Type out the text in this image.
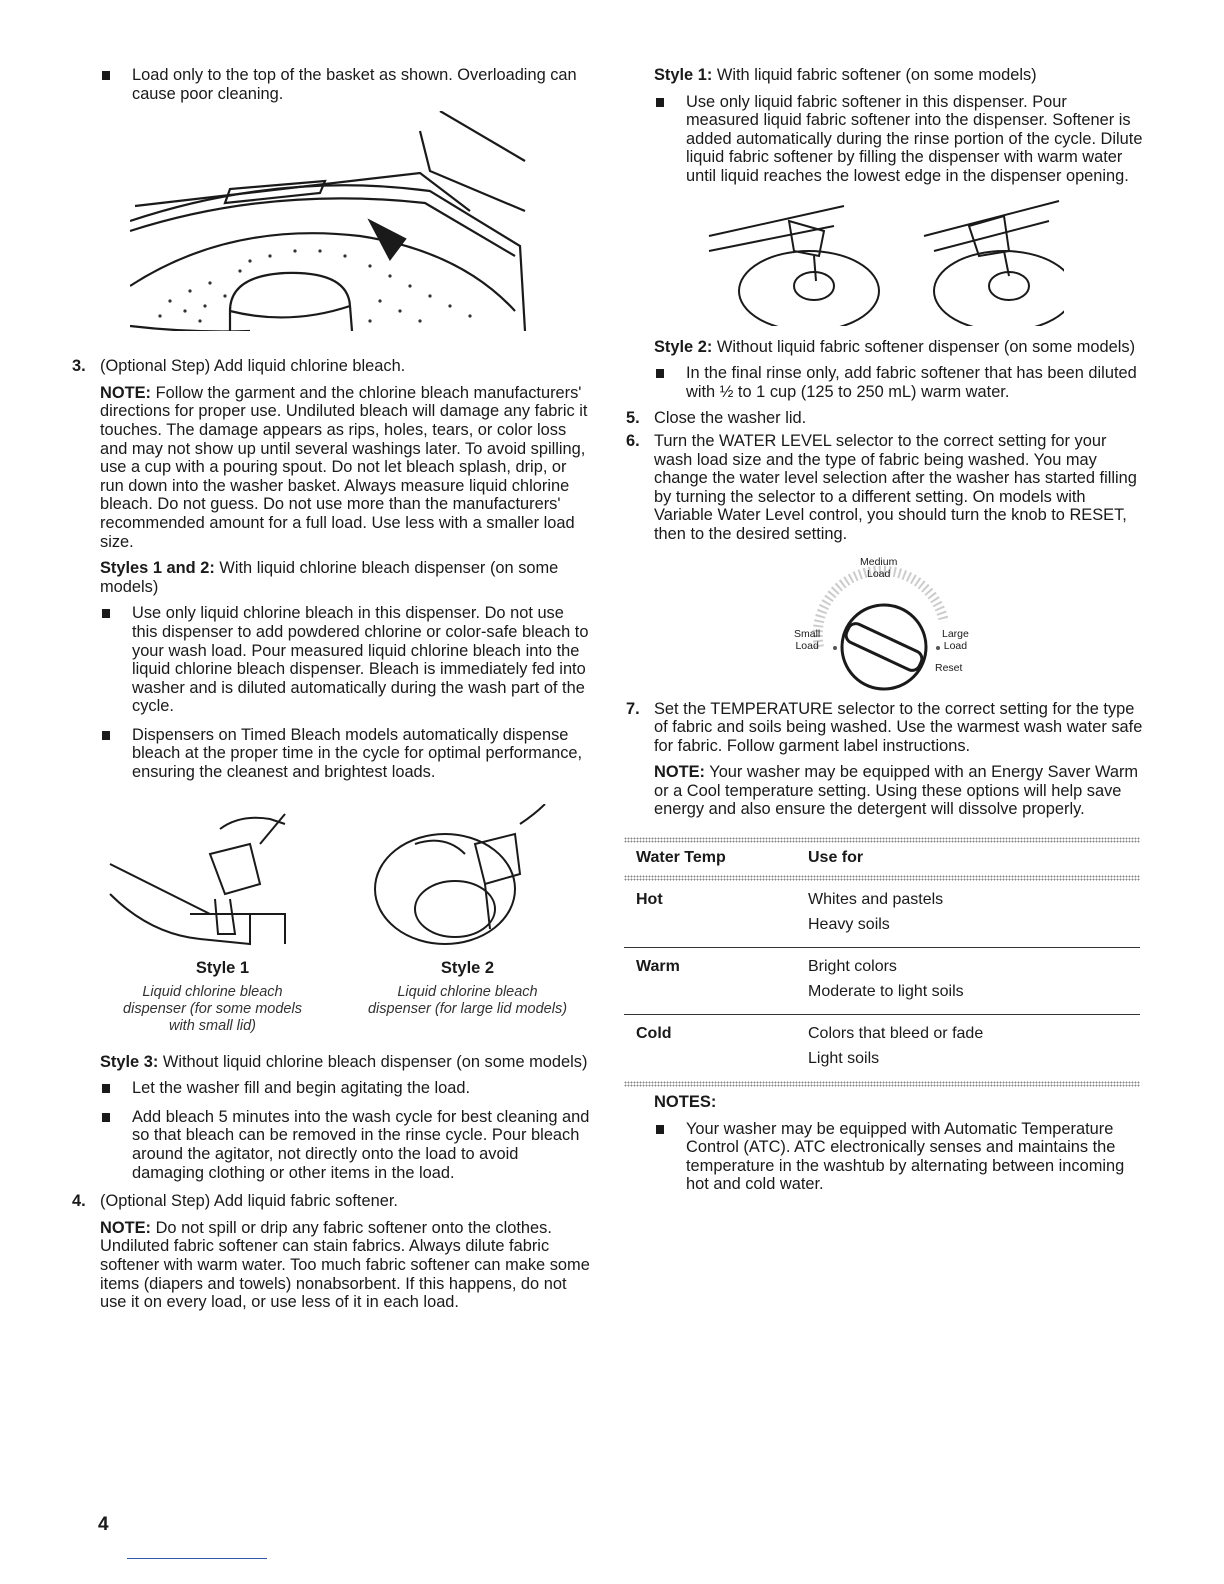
Load only to the top of the basket as shown. Overloading can cause poor cleaning.
3. (Optional Step) Add liquid chlorine bleach.

NOTE: Follow the garment and the chlorine bleach manufacturers' directions for proper use. Undiluted bleach will damage any fabric it touches. The damage appears as rips, holes, tears, or color loss and may not show up until several washings later. To avoid spilling, use a cup with a pouring spout. Do not let bleach splash, drip, or run down into the washer basket. Always measure liquid chlorine bleach. Do not guess. Do not use more than the manufacturers' recommended amount for a full load. Use less with a smaller load size.

Styles 1 and 2: With liquid chlorine bleach dispenser (on some models)

Use only liquid chlorine bleach in this dispenser. Do not use this dispenser to add powdered chlorine or color-safe bleach to your wash load. Pour measured liquid chlorine bleach into the liquid chlorine bleach dispenser. Bleach is immediately fed into washer and is diluted automatically during the wash part of the cycle.
Dispensers on Timed Bleach models automatically dispense bleach at the proper time in the cycle for optimal performance, ensuring the cleanest and brightest loads.
Style 1
Liquid chlorine bleach dispenser (for some models with small lid)
Style 2
Liquid chlorine bleach dispenser (for large lid models)

Style 3: Without liquid chlorine bleach dispenser (on some models)

Let the washer fill and begin agitating the load.
Add bleach 5 minutes into the wash cycle for best cleaning and so that bleach can be removed in the rinse cycle. Pour bleach around the agitator, not directly onto the load to avoid damaging clothing or other items in the load.
4. (Optional Step) Add liquid fabric softener.

NOTE: Do not spill or drip any fabric softener onto the clothes. Undiluted fabric softener can stain fabrics. Always dilute fabric softener with warm water. Too much fabric softener can make some items (diapers and towels) nonabsorbent. If this happens, do not use it on every load, or use less of it in each load.

Style 1: With liquid fabric softener (on some models)

Use only liquid fabric softener in this dispenser. Pour measured liquid fabric softener into the dispenser. Softener is added automatically during the rinse portion of the cycle. Dilute liquid fabric softener by filling the dispenser with warm water until liquid reaches the lowest edge in the dispenser opening.

Style 2: Without liquid fabric softener dispenser (on some models)

In the final rinse only, add fabric softener that has been diluted with ½ to 1 cup (125 to 250 mL) warm water.
5. Close the washer lid.
6. Turn the WATER LEVEL selector to the correct setting for your wash load size and the type of fabric being washed. You may change the water level selection after the washer has started filling by turning the selector to a different setting. On models with Variable Water Level control, you should turn the knob to RESET, then to the desired setting.
Medium
Load
Small
Load
Large
Load
Reset
7. Set the TEMPERATURE selector to the correct setting for the type of fabric and soils being washed. Use the warmest wash water safe for fabric. Follow garment label instructions.

NOTE: Your washer may be equipped with an Energy Saver Warm or a Cool temperature setting. Using these options will help save energy and also ensure the detergent will dissolve properly.

Water Temp	Use for
Hot	Whites and pastels
Heavy soils
Warm	Bright colors
Moderate to light soils
Cold	Colors that bleed or fade
Light soils

NOTES:

Your washer may be equipped with Automatic Temperature Control (ATC). ATC electronically senses and maintains the temperature in the washtub by alternating between incoming hot and cold water.
4
